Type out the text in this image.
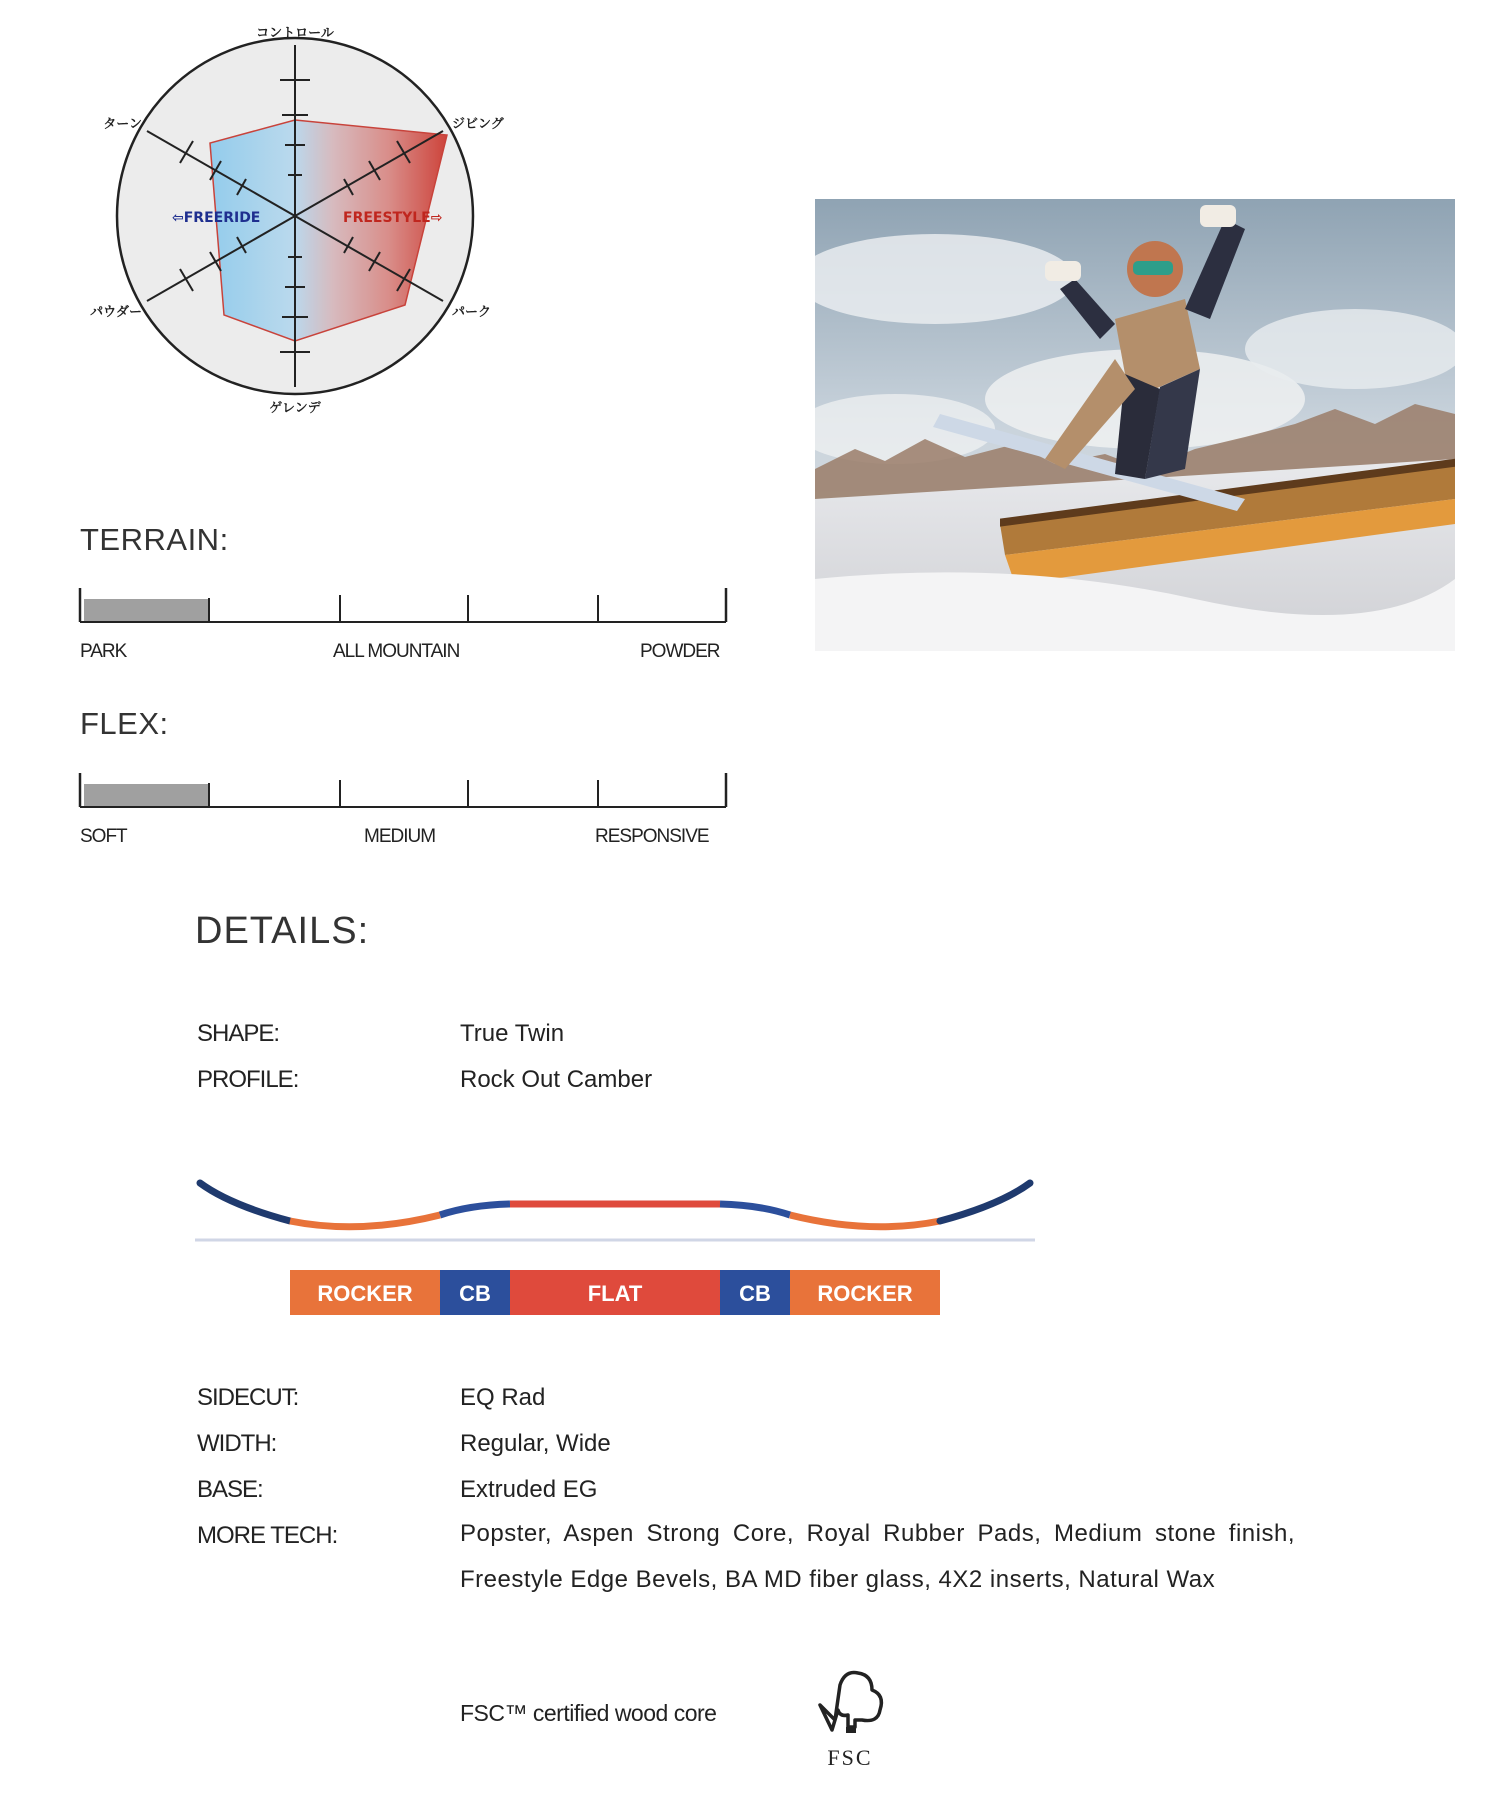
コントロール
ジビング
パーク
ゲレンデ
パウダー
ターン
⇦FREERIDE	FREESTYLE⇨
TERRAIN:
PARK	ALL MOUNTAIN	POWDER
FLEX:
SOFT	MEDIUM	RESPONSIVE
DETAILS:
SHAPE:	True Twin
PROFILE:	Rock Out Camber
ROCKER CB	FLAT	CB ROCKER
SIDECUT:	EQ Rad
WIDTH:	Regular, Wide
BASE:	Extruded EG
MORE TECH:	Popster, Aspen Strong Core, Royal Rubber Pads, Medium stone finish, Freestyle Edge Bevels, BA MD fiber glass, 4X2 inserts, Natural Wax
FSC™ certified wood core
FSC
